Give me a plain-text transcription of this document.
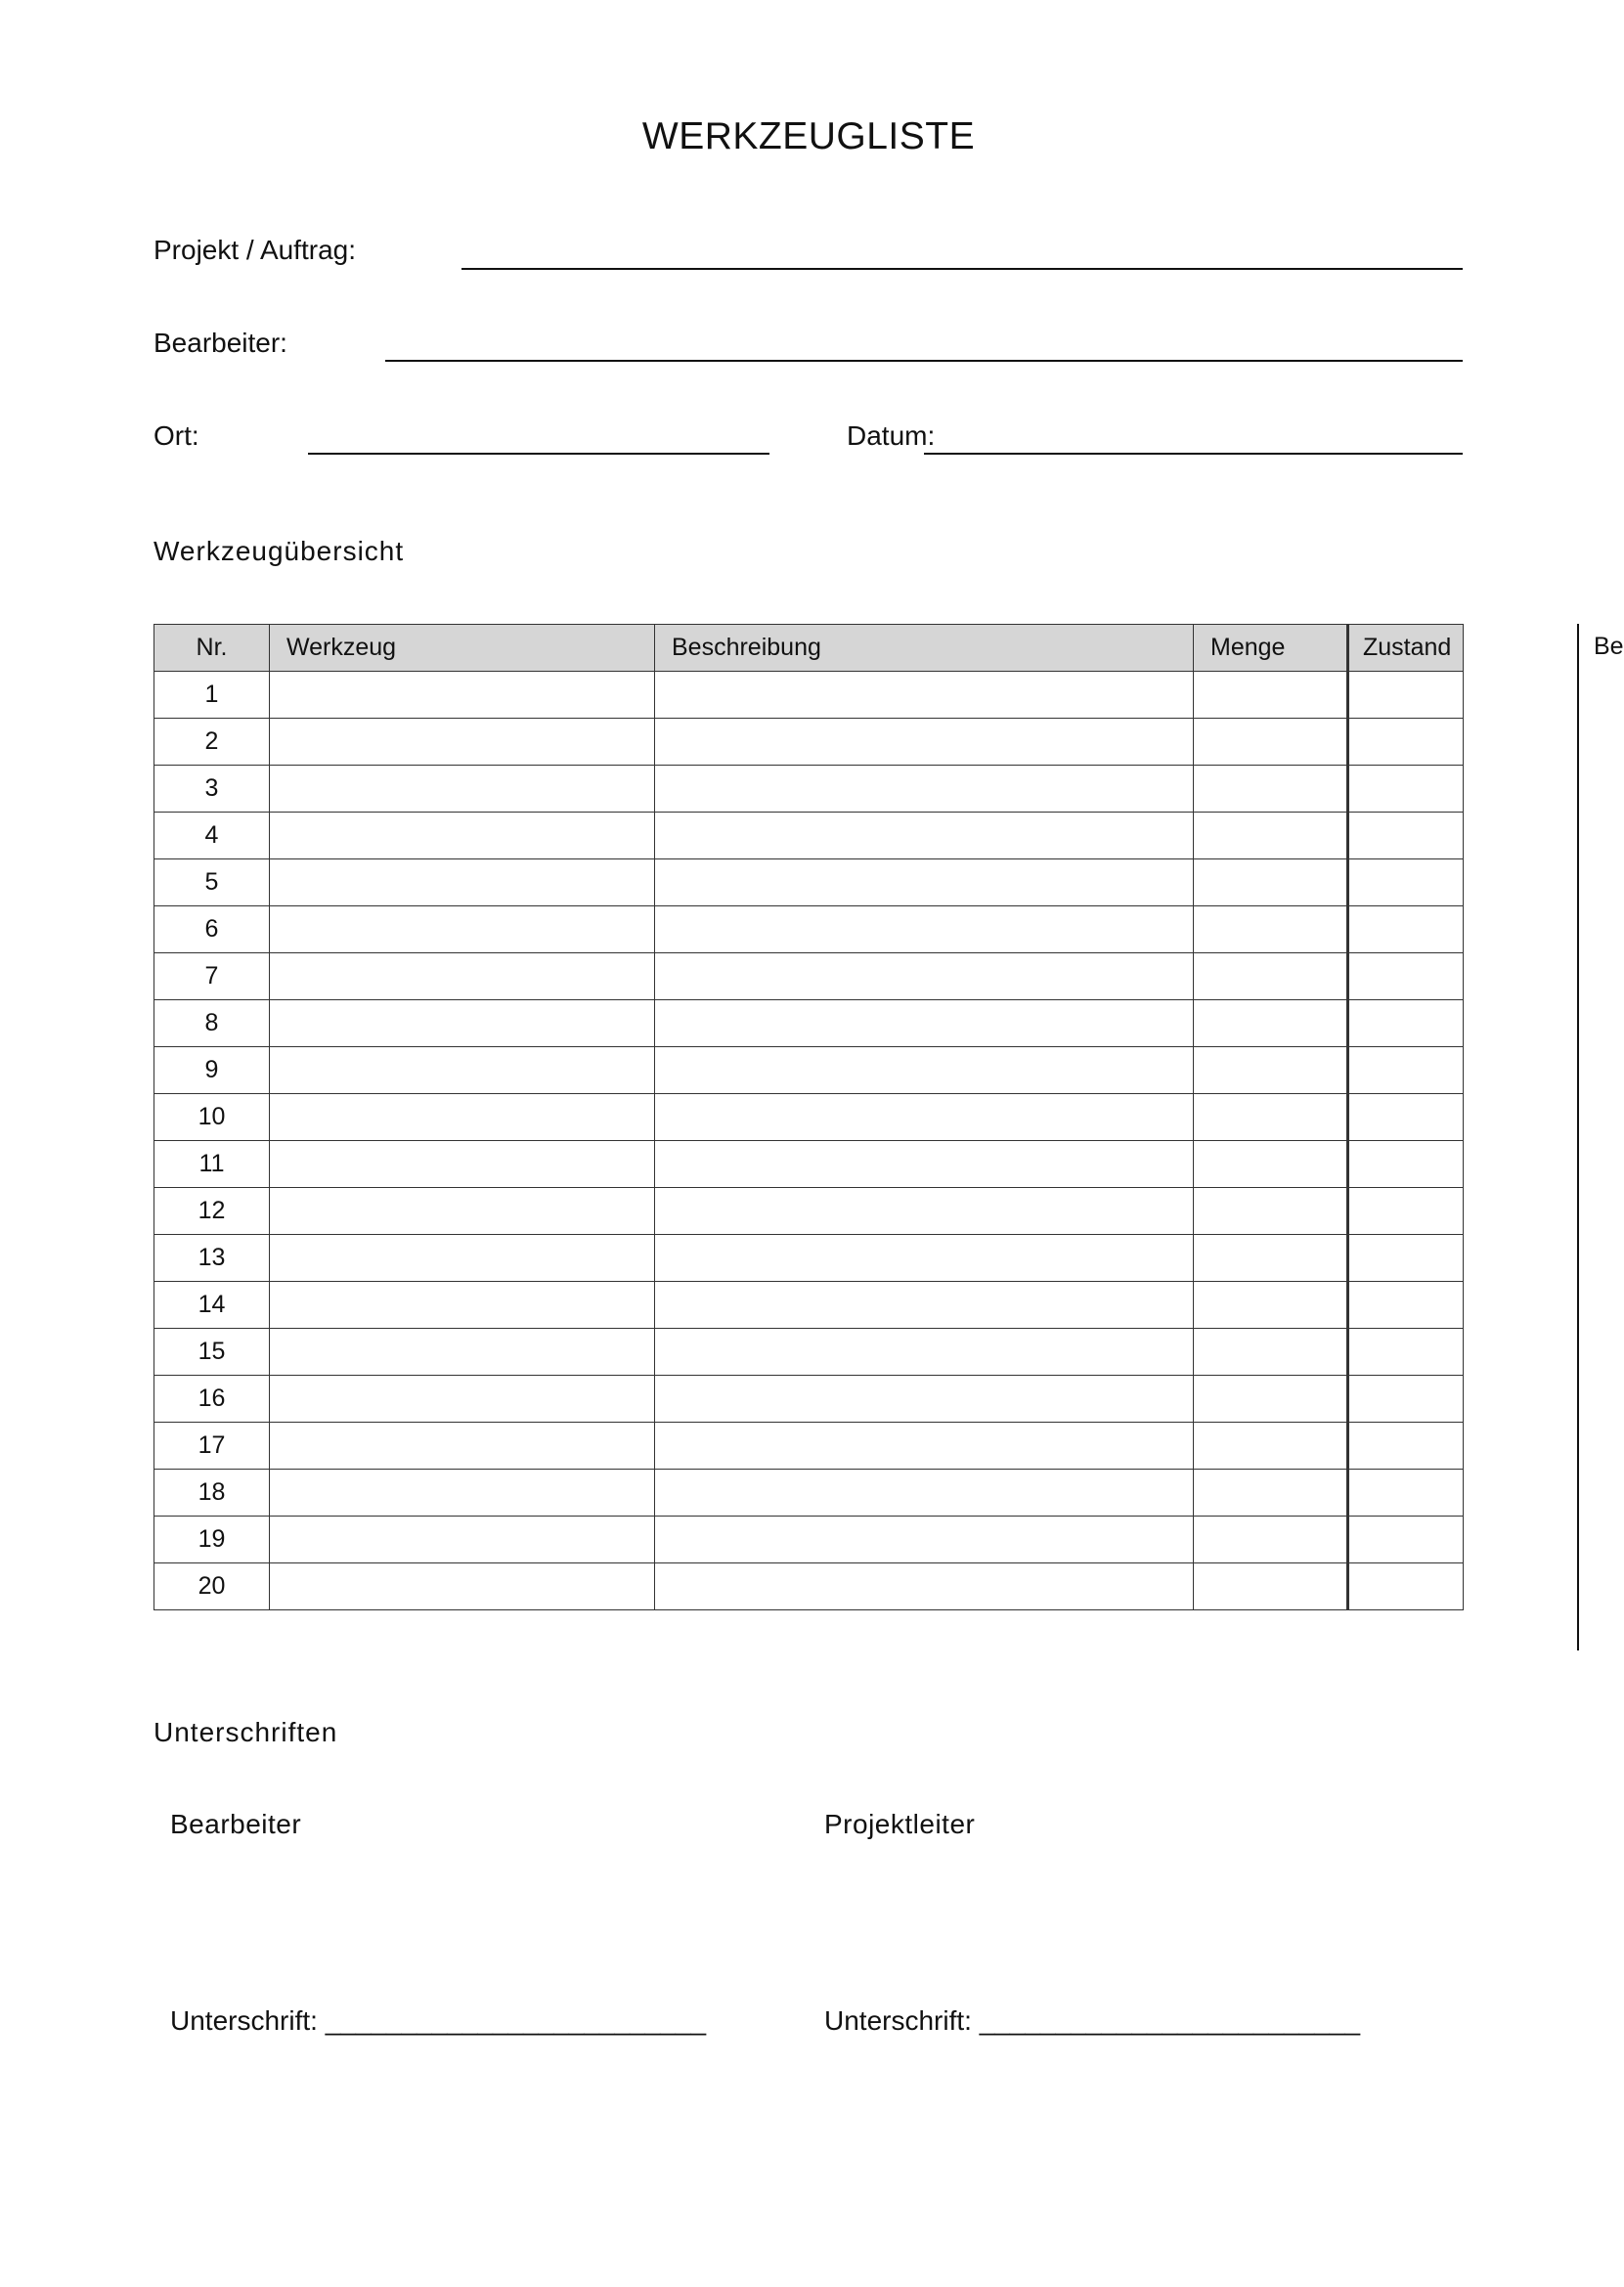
WERKZEUGLISTE
Projekt / Auftrag:
Bearbeiter:
Ort:	Datum:
Werkzeugübersicht
Nr.	Werkzeug	Beschreibung	Menge	Zustand
1				
2				
3				
4				
5				
6				
7				
8				
9				
10				
11				
12				
13				
14				
15				
16				
17				
18				
19				
20				
Be
Unterschriften
Bearbeiter	Projektleiter
Unterschrift: _________________________	Unterschrift: _________________________
